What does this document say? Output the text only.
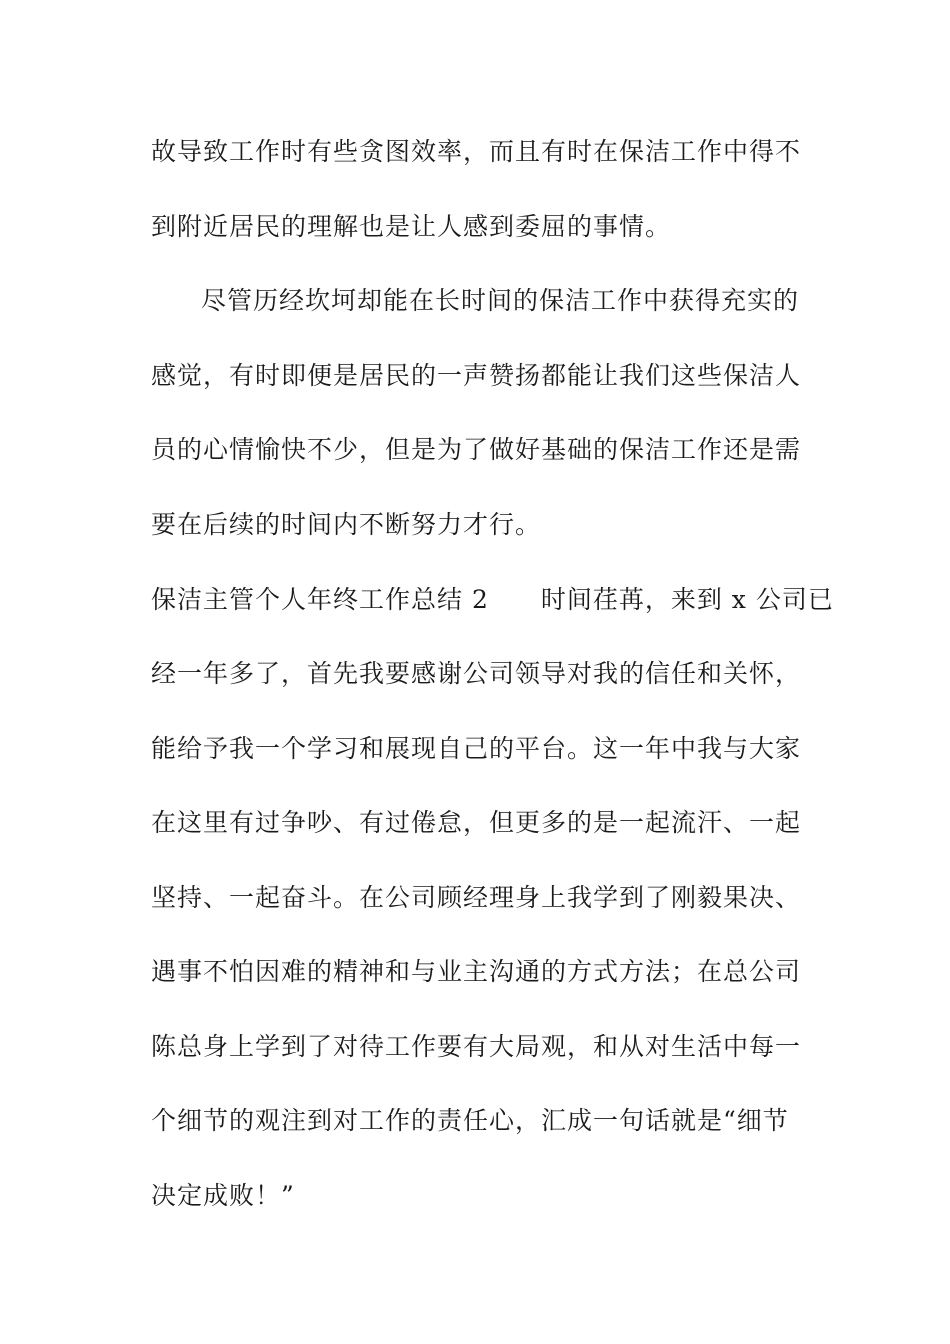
故导致工作时有些贪图效率，而且有时在保洁工作中得不
到附近居民的理解也是让人感到委屈的事情。
尽管历经坎坷却能在长时间的保洁工作中获得充实的
感觉，有时即便是居民的一声赞扬都能让我们这些保洁人
员的心情愉快不少，但是为了做好基础的保洁工作还是需
要在后续的时间内不断努力才行。
保洁主管个人年终工作总结 2 时间荏苒，来到 x 公司已
经一年多了，首先我要感谢公司领导对我的信任和关怀，
能给予我一个学习和展现自己的平台。这一年中我与大家
在这里有过争吵、有过倦怠，但更多的是一起流汗、一起
坚持、一起奋斗。在公司顾经理身上我学到了刚毅果决、
遇事不怕因难的精神和与业主沟通的方式方法；在总公司
陈总身上学到了对待工作要有大局观，和从对生活中每一
个细节的观注到对工作的责任心，汇成一句话就是“细节
决定成败！”
